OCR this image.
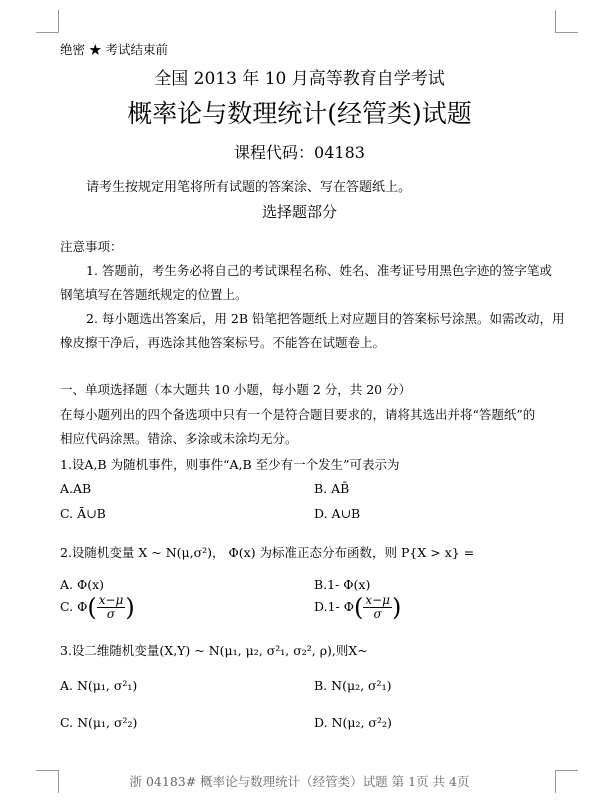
绝密 ★ 考试结束前
全国 2013 年 10 月高等教育自学考试
概率论与数理统计(经管类)试题
课程代码：04183
请考生按规定用笔将所有试题的答案涂、写在答题纸上。
选择题部分
注意事项：
1. 答题前，考生务必将自己的考试课程名称、姓名、准考证号用黑色字迹的签字笔或
钢笔填写在答题纸规定的位置上。
2. 每小题选出答案后，用 2B 铅笔把答题纸上对应题目的答案标号涂黑。如需改动，用
橡皮擦干净后，再选涂其他答案标号。不能答在试题卷上。
一、单项选择题（本大题共 10 小题，每小题 2 分，共 20 分）
在每小题列出的四个备选项中只有一个是符合题目要求的，请将其选出并将“答题纸”的
相应代码涂黑。错涂、多涂或未涂均无分。
1.设A,B 为随机事件，则事件“A,B 至少有一个发生”可表示为
A.AB	B. AB̄
C. Ā∪B	D. A∪B
2.设随机变量 X ~ N(μ,σ²)， Φ(x) 为标准正态分布函数，则 P{X > x} =
A. Φ(x)	B.1- Φ(x)
C. $\Phi( \frac{x-\mu}{\sigma}$ )	D.1- $\Phi( \frac{x-\mu}{\sigma}$ )
3.设二维随机变量(X,Y) ~ N(μ₁, μ₂, σ²₁, σ₂², ρ),则X~
A. N(μ₁, σ²₁)	B. N(μ₂, σ²₁)
C. N(μ₁, σ²₂)	D. N(μ₂, σ²₂)
浙 04183# 概率论与数理统计（经管类）试题 第 1页 共 4页
